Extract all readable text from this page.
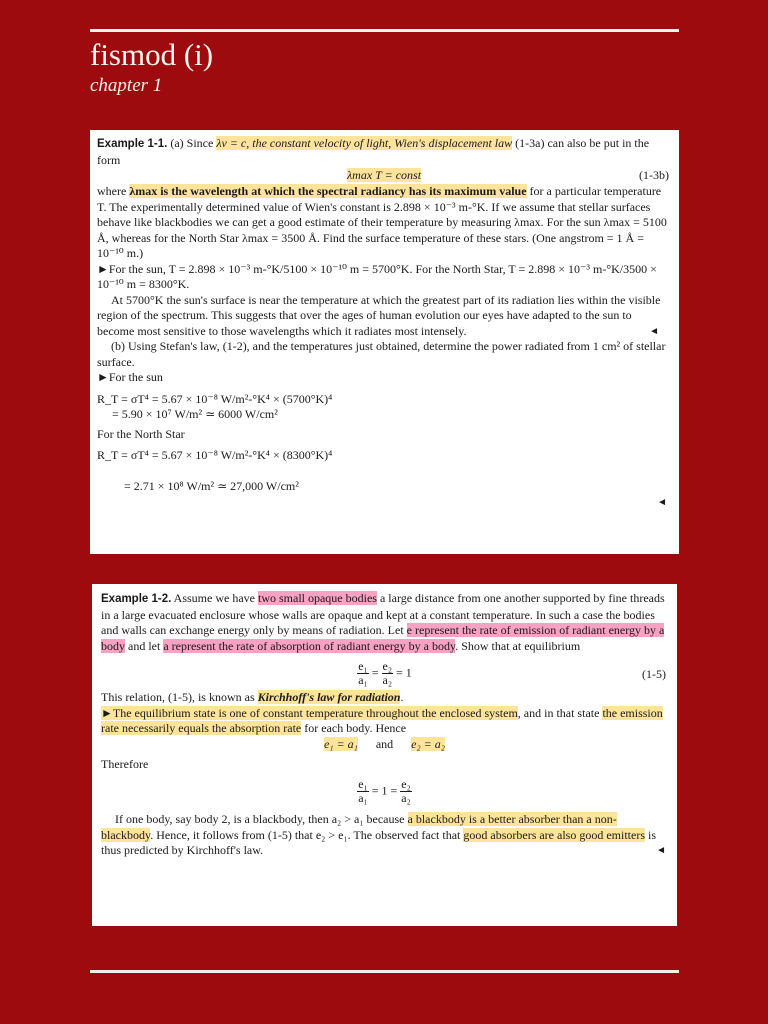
fismod (i)
chapter 1

Example 1-1. (a) Since λν = c, the constant velocity of light, Wien's displacement law (1-3a) can also be put in the form

λmax T = const	(1-3b)

where λmax is the wavelength at which the spectral radiancy has its maximum value for a particular temperature T. The experimentally determined value of Wien's constant is 2.898 × 10⁻³ m-°K. If we assume that stellar surfaces behave like blackbodies we can get a good estimate of their temperature by measuring λmax. For the sun λmax = 5100 Å, whereas for the North Star λmax = 3500 Å. Find the surface temperature of these stars. (One angstrom = 1 Å = 10⁻¹⁰ m.)

►For the sun, T = 2.898 × 10⁻³ m-°K/5100 × 10⁻¹⁰ m = 5700°K. For the North Star, T = 2.898 × 10⁻³ m-°K/3500 × 10⁻¹⁰ m = 8300°K.

At 5700°K the sun's surface is near the temperature at which the greatest part of its radiation lies within the visible region of the spectrum. This suggests that over the ages of human evolution our eyes have adapted to the sun to become most sensitive to those wavelengths which it radiates most intensely.	◄

(b) Using Stefan's law, (1-2), and the temperatures just obtained, determine the power radiated from 1 cm² of stellar surface.

►For the sun

R_T = σT⁴ = 5.67 × 10⁻⁸ W/m²-°K⁴ × (5700°K)⁴

= 5.90 × 10⁷ W/m² ≃ 6000 W/cm²

For the North Star

R_T = σT⁴ = 5.67 × 10⁻⁸ W/m²-°K⁴ × (8300°K)⁴

= 2.71 × 10⁸ W/m² ≃ 27,000 W/cm²

◄

Example 1-2. Assume we have two small opaque bodies a large distance from one another supported by fine threads in a large evacuated enclosure whose walls are opaque and kept at a constant temperature. In such a case the bodies and walls can exchange energy only by means of radiation. Let e represent the rate of emission of radiant energy by a body and let a represent the rate of absorption of radiant energy by a body. Show that at equilibrium

$\frac{\text{e₁}}{\text{a₁}} = \frac{\text{e₂}}{\text{a₂}} = 1$	(1-5)

This relation, (1-5), is known as Kirchhoff's law for radiation.

►The equilibrium state is one of constant temperature throughout the enclosed system, and in that state the emission rate necessarily equals the absorption rate for each body. Hence

e₁ = a₁ and e₂ = a₂

Therefore

$\frac{\text{e₁}}{\text{a₁}} = 1 = \frac{\text{e₂}}{\text{a₂}}$

If one body, say body 2, is a blackbody, then a₂ > a₁ because a blackbody is a better absorber than a non-blackbody. Hence, it follows from (1-5) that e₂ > e₁. The observed fact that good absorbers are also good emitters is thus predicted by Kirchhoff's law.	◄
